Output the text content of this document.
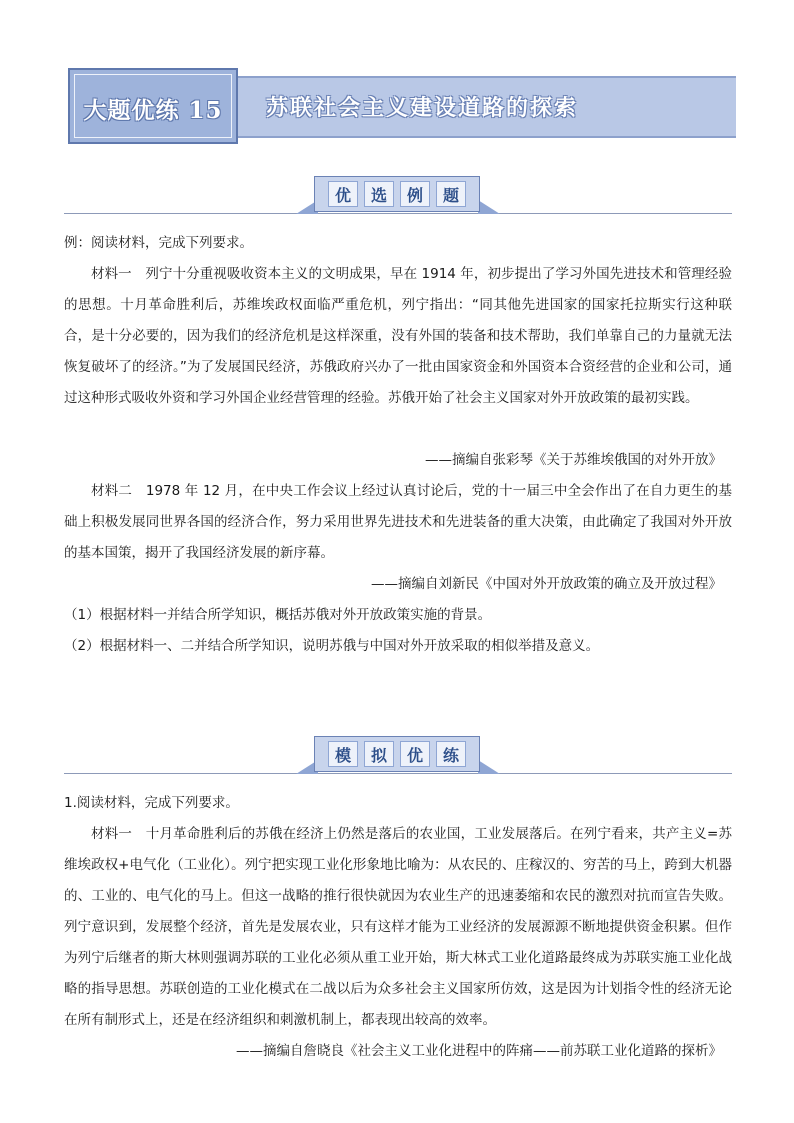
苏联社会主义建设道路的探索
大题优练 15
优	选	例	题

例：阅读材料，完成下列要求。

材料一　列宁十分重视吸收资本主义的文明成果，早在 1914 年，初步提出了学习外国先进技术和管理经验的思想。十月革命胜利后，苏维埃政权面临严重危机，列宁指出：“同其他先进国家的国家托拉斯实行这种联合，是十分必要的，因为我们的经济危机是这样深重，没有外国的装备和技术帮助，我们单靠自己的力量就无法恢复破坏了的经济。”为了发展国民经济，苏俄政府兴办了一批由国家资金和外国资本合资经营的企业和公司，通过这种形式吸收外资和学习外国企业经营管理的经验。苏俄开始了社会主义国家对外开放政策的最初实践。

——摘编自张彩琴《关于苏维埃俄国的对外开放》

材料二　1978 年 12 月，在中央工作会议上经过认真讨论后，党的十一届三中全会作出了在自力更生的基础上积极发展同世界各国的经济合作，努力采用世界先进技术和先进装备的重大决策，由此确定了我国对外开放的基本国策，揭开了我国经济发展的新序幕。

——摘编自刘新民《中国对外开放政策的确立及开放过程》

（1）根据材料一并结合所学知识，概括苏俄对外开放政策实施的背景。

（2）根据材料一、二并结合所学知识，说明苏俄与中国对外开放采取的相似举措及意义。

模	拟	优	练

1.阅读材料，完成下列要求。

材料一　十月革命胜利后的苏俄在经济上仍然是落后的农业国，工业发展落后。在列宁看来，共产主义=苏维埃政权+电气化（工业化）。列宁把实现工业化形象地比喻为：从农民的、庄稼汉的、穷苦的马上，跨到大机器的、工业的、电气化的马上。但这一战略的推行很快就因为农业生产的迅速萎缩和农民的激烈对抗而宣告失败。列宁意识到，发展整个经济，首先是发展农业，只有这样才能为工业经济的发展源源不断地提供资金积累。但作为列宁后继者的斯大林则强调苏联的工业化必须从重工业开始，斯大林式工业化道路最终成为苏联实施工业化战略的指导思想。苏联创造的工业化模式在二战以后为众多社会主义国家所仿效，这是因为计划指令性的经济无论在所有制形式上，还是在经济组织和刺激机制上，都表现出较高的效率。

——摘编自詹晓良《社会主义工业化进程中的阵痛——前苏联工业化道路的探析》
